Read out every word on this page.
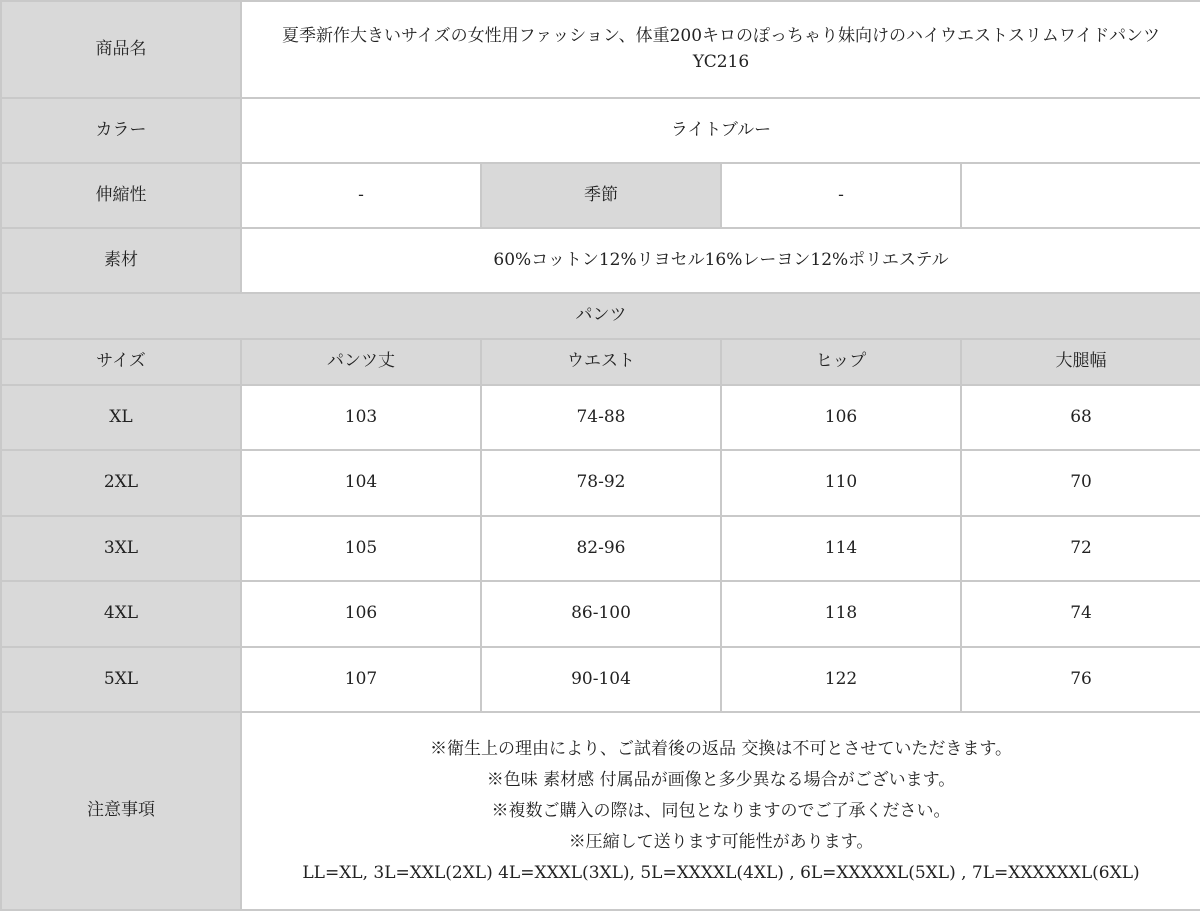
商品名	夏季新作大きいサイズの女性用ファッション、体重200キロのぽっちゃり妹向けのハイウエストスリムワイドパンツ
YC216			

カラー	ライトブルー			
伸縮性	-	季節	-	
素材	60%コットン12%リヨセル16%レーヨン12%ポリエステル			
パンツ				
サイズ	パンツ丈	ウエスト	ヒップ	大腿幅
XL	103	74-88	106	68
2XL	104	78-92	110	70
3XL	105	82-96	114	72
4XL	106	86-100	118	74
5XL	107	90-104	122	76
注意事項	※衛生上の理由により、ご試着後の返品 交換は不可とさせていただきます。
※色味 素材感 付属品が画像と多少異なる場合がございます。
※複数ご購入の際は、同包となりますのでご了承ください。
※圧縮して送ります可能性があります。
LL=XL, 3L=XXL(2XL) 4L=XXXL(3XL), 5L=XXXXL(4XL) , 6L=XXXXXL(5XL) , 7L=XXXXXXL(6XL)			
